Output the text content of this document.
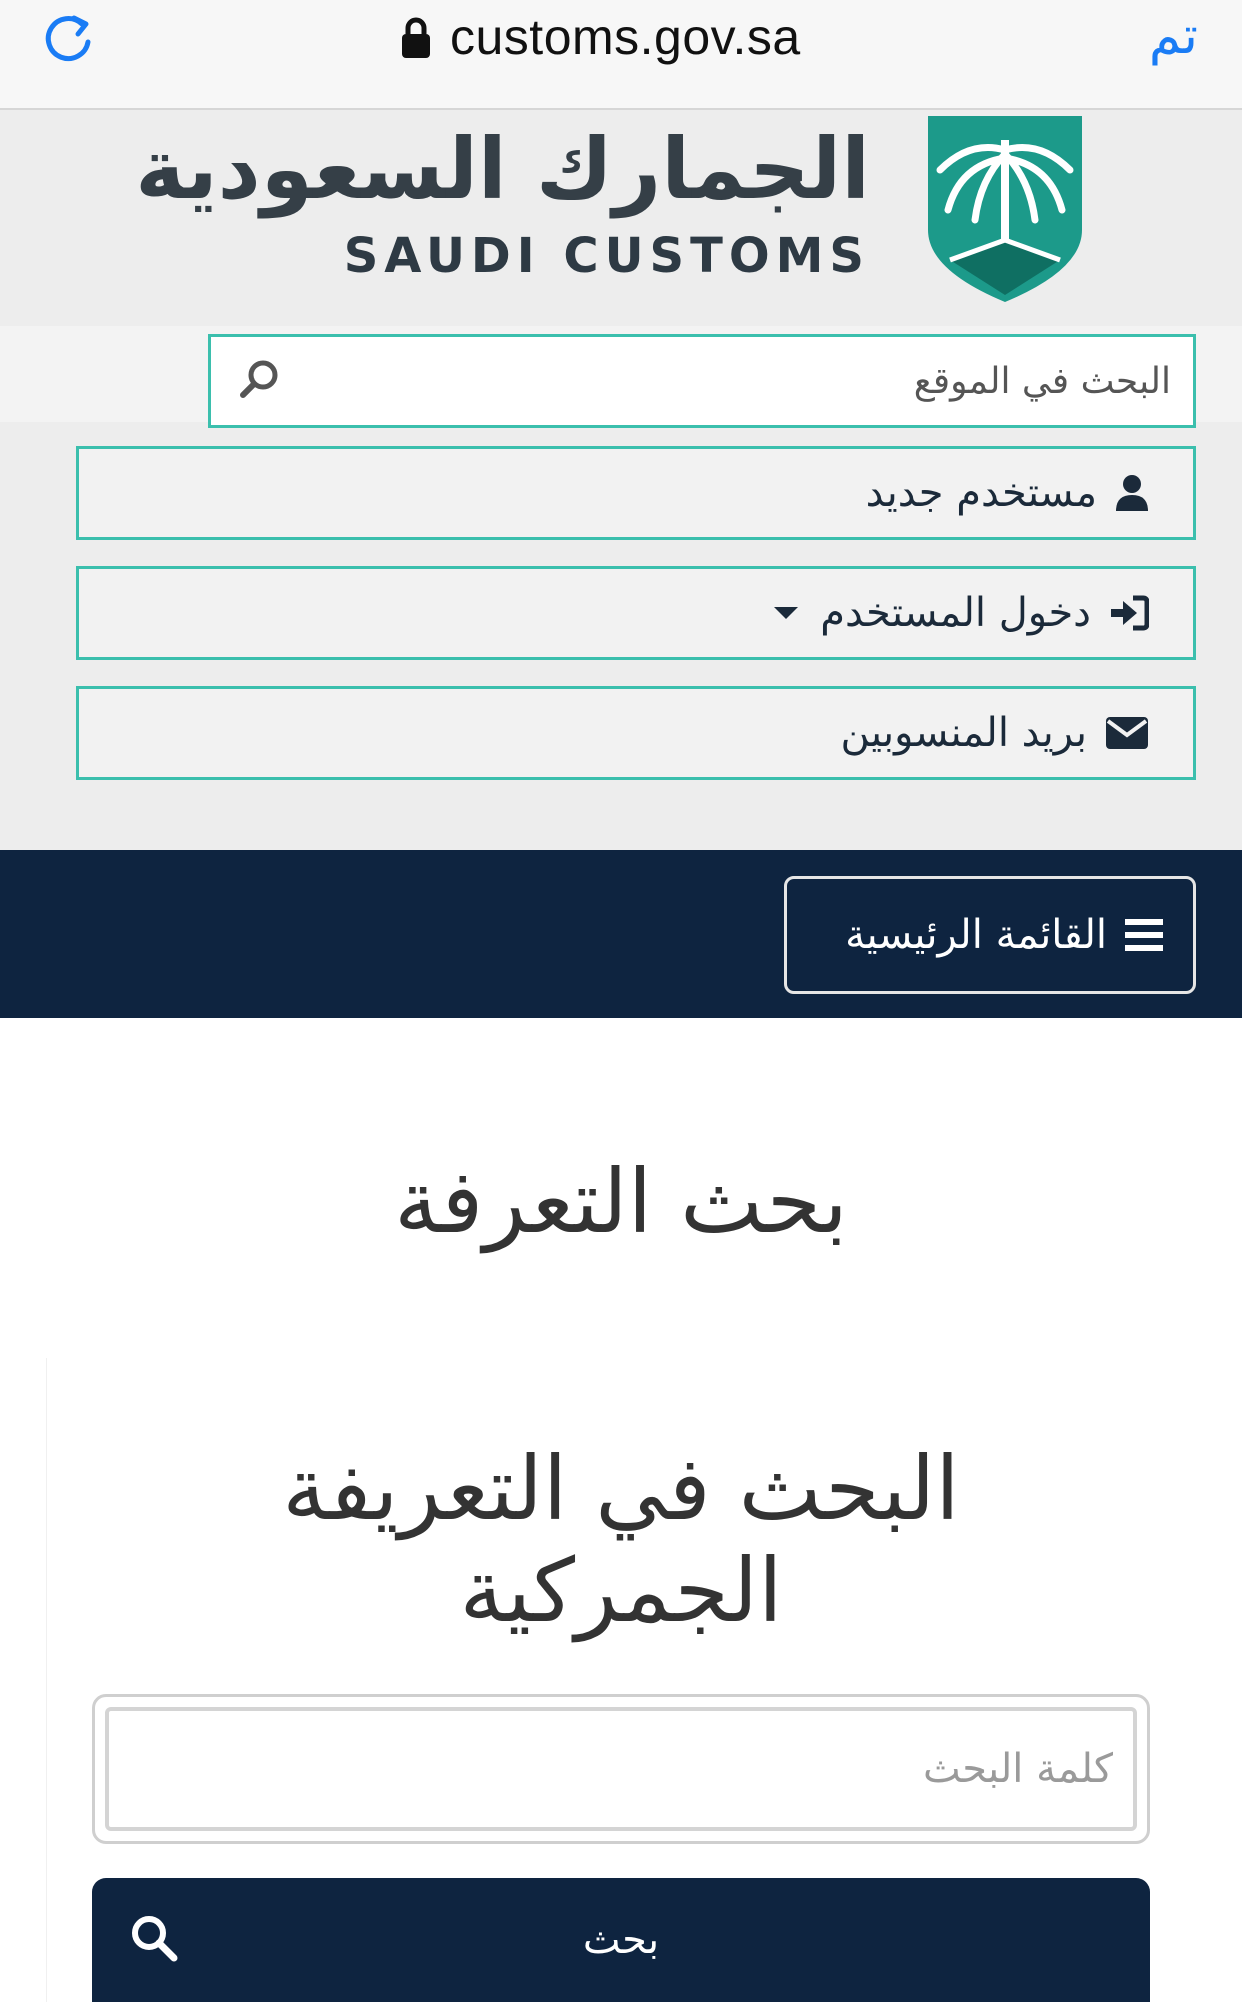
customs.gov.sa	تم
الجمارك السعودية
SAUDI CUSTOMS
البحث في الموقع
مستخدم جديد
دخول المستخدم
بريد المنسوبين
القائمة الرئيسية
بحث التعرفة
البحث في التعريفة
الجمركية
كلمة البحث
بحث
